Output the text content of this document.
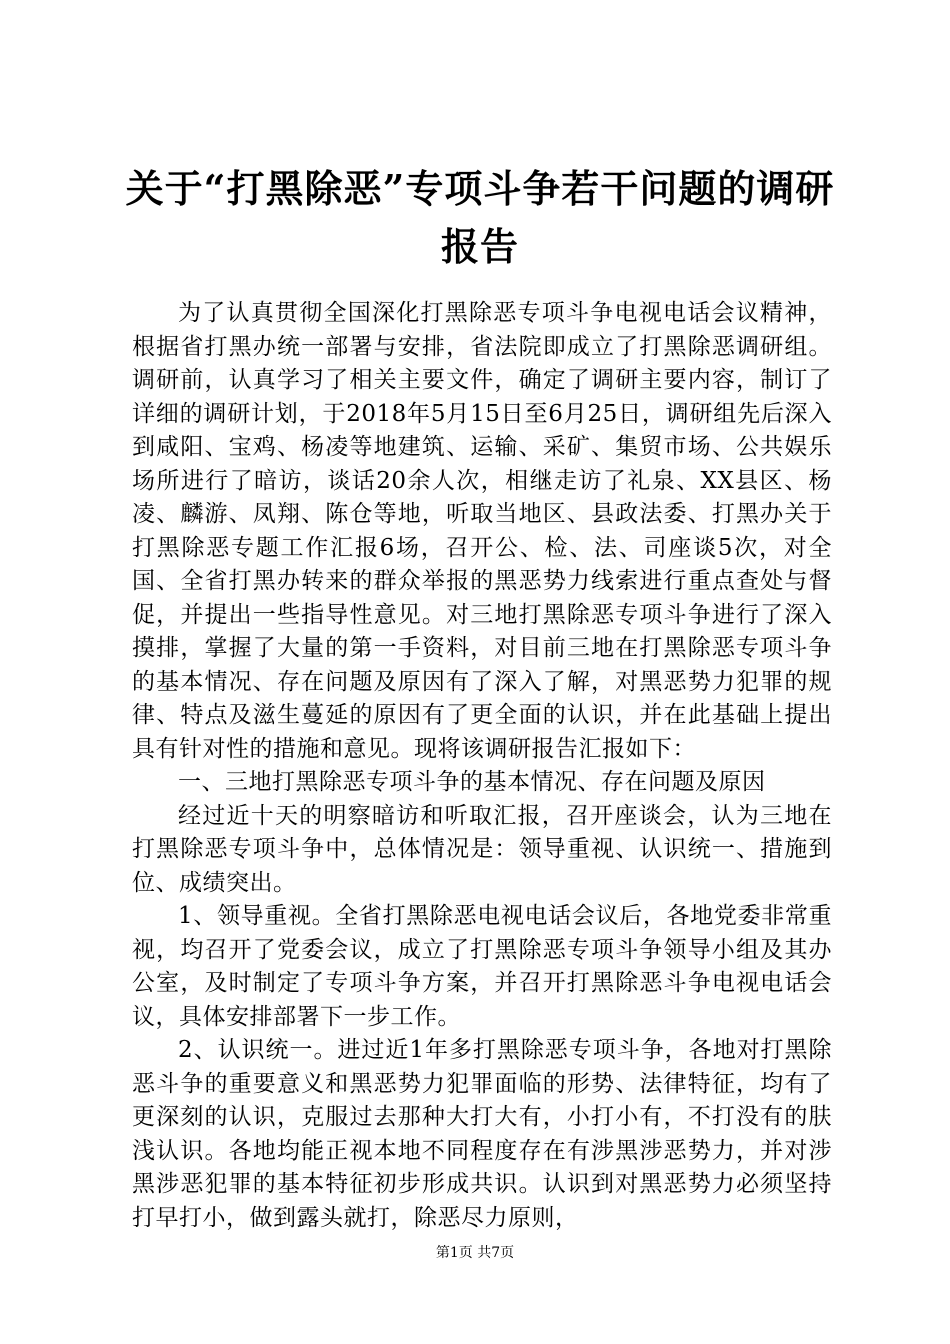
关于“打黑除恶”专项斗争若干问题的调研报告

为了认真贯彻全国深化打黑除恶专项斗争电视电话会议精神，根据省打黑办统一部署与安排，省法院即成立了打黑除恶调研组。调研前，认真学习了相关主要文件，确定了调研主要内容，制订了详细的调研计划，于2018年5月15日至6月25日，调研组先后深入到咸阳、宝鸡、杨凌等地建筑、运输、采矿、集贸市场、公共娱乐场所进行了暗访，谈话20余人次，相继走访了礼泉、XX县区、杨凌、麟游、凤翔、陈仓等地，听取当地区、县政法委、打黑办关于打黑除恶专题工作汇报6场，召开公、检、法、司座谈5次，对全国、全省打黑办转来的群众举报的黑恶势力线索进行重点查处与督促，并提出一些指导性意见。对三地打黑除恶专项斗争进行了深入摸排，掌握了大量的第一手资料，对目前三地在打黑除恶专项斗争的基本情况、存在问题及原因有了深入了解，对黑恶势力犯罪的规律、特点及滋生蔓延的原因有了更全面的认识，并在此基础上提出具有针对性的措施和意见。现将该调研报告汇报如下：

一、三地打黑除恶专项斗争的基本情况、存在问题及原因

经过近十天的明察暗访和听取汇报，召开座谈会，认为三地在打黑除恶专项斗争中，总体情况是：领导重视、认识统一、措施到位、成绩突出。

1、领导重视。全省打黑除恶电视电话会议后，各地党委非常重视，均召开了党委会议，成立了打黑除恶专项斗争领导小组及其办公室，及时制定了专项斗争方案，并召开打黑除恶斗争电视电话会议，具体安排部署下一步工作。

2、认识统一。进过近1年多打黑除恶专项斗争，各地对打黑除恶斗争的重要意义和黑恶势力犯罪面临的形势、法律特征，均有了更深刻的认识，克服过去那种大打大有，小打小有，不打没有的肤浅认识。各地均能正视本地不同程度存在有涉黑涉恶势力，并对涉黑涉恶犯罪的基本特征初步形成共识。认识到对黑恶势力必须坚持打早打小，做到露头就打，除恶尽力原则，

第1页 共7页
